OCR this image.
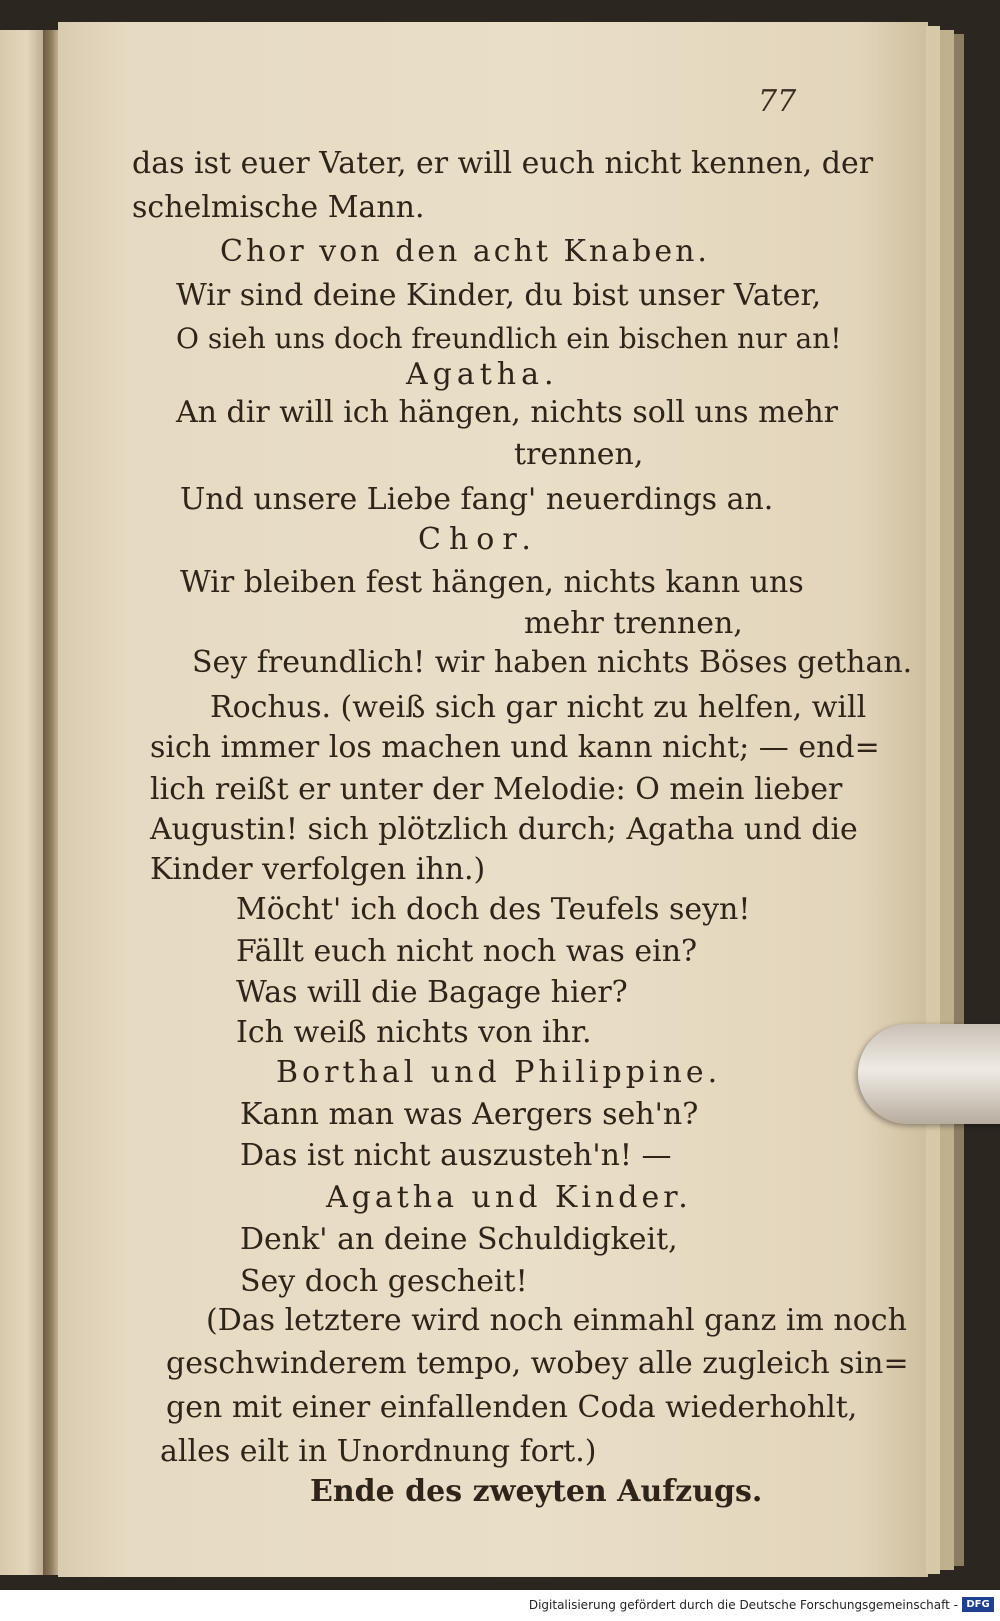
77
das ist euer Vater, er will euch nicht kennen, der
schelmische Mann.
Chor von den acht Knaben.
Wir sind deine Kinder, du bist unser Vater,
O sieh uns doch freundlich ein bischen nur an!
Agatha.
An dir will ich hängen, nichts soll uns mehr
trennen,
Und unsere Liebe fang' neuerdings an.
Chor.
Wir bleiben fest hängen, nichts kann uns
mehr trennen,
Sey freundlich! wir haben nichts Böses gethan.
Rochus. (weiß sich gar nicht zu helfen, will
sich immer los machen und kann nicht; — end=
lich reißt er unter der Melodie: O mein lieber
Augustin! sich plötzlich durch; Agatha und die
Kinder verfolgen ihn.)
Möcht' ich doch des Teufels seyn!
Fällt euch nicht noch was ein?
Was will die Bagage hier?
Ich weiß nichts von ihr.
Borthal und Philippine.
Kann man was Aergers seh'n?
Das ist nicht auszusteh'n! —
Agatha und Kinder.
Denk' an deine Schuldigkeit,
Sey doch gescheit!
(Das letztere wird noch einmahl ganz im noch
geschwinderem tempo, wobey alle zugleich sin=
gen mit einer einfallenden Coda wiederhohlt,
alles eilt in Unordnung fort.)
Ende des zweyten Aufzugs.
Digitalisierung gefördert durch die Deutsche Forschungsgemeinschaft - DFG
